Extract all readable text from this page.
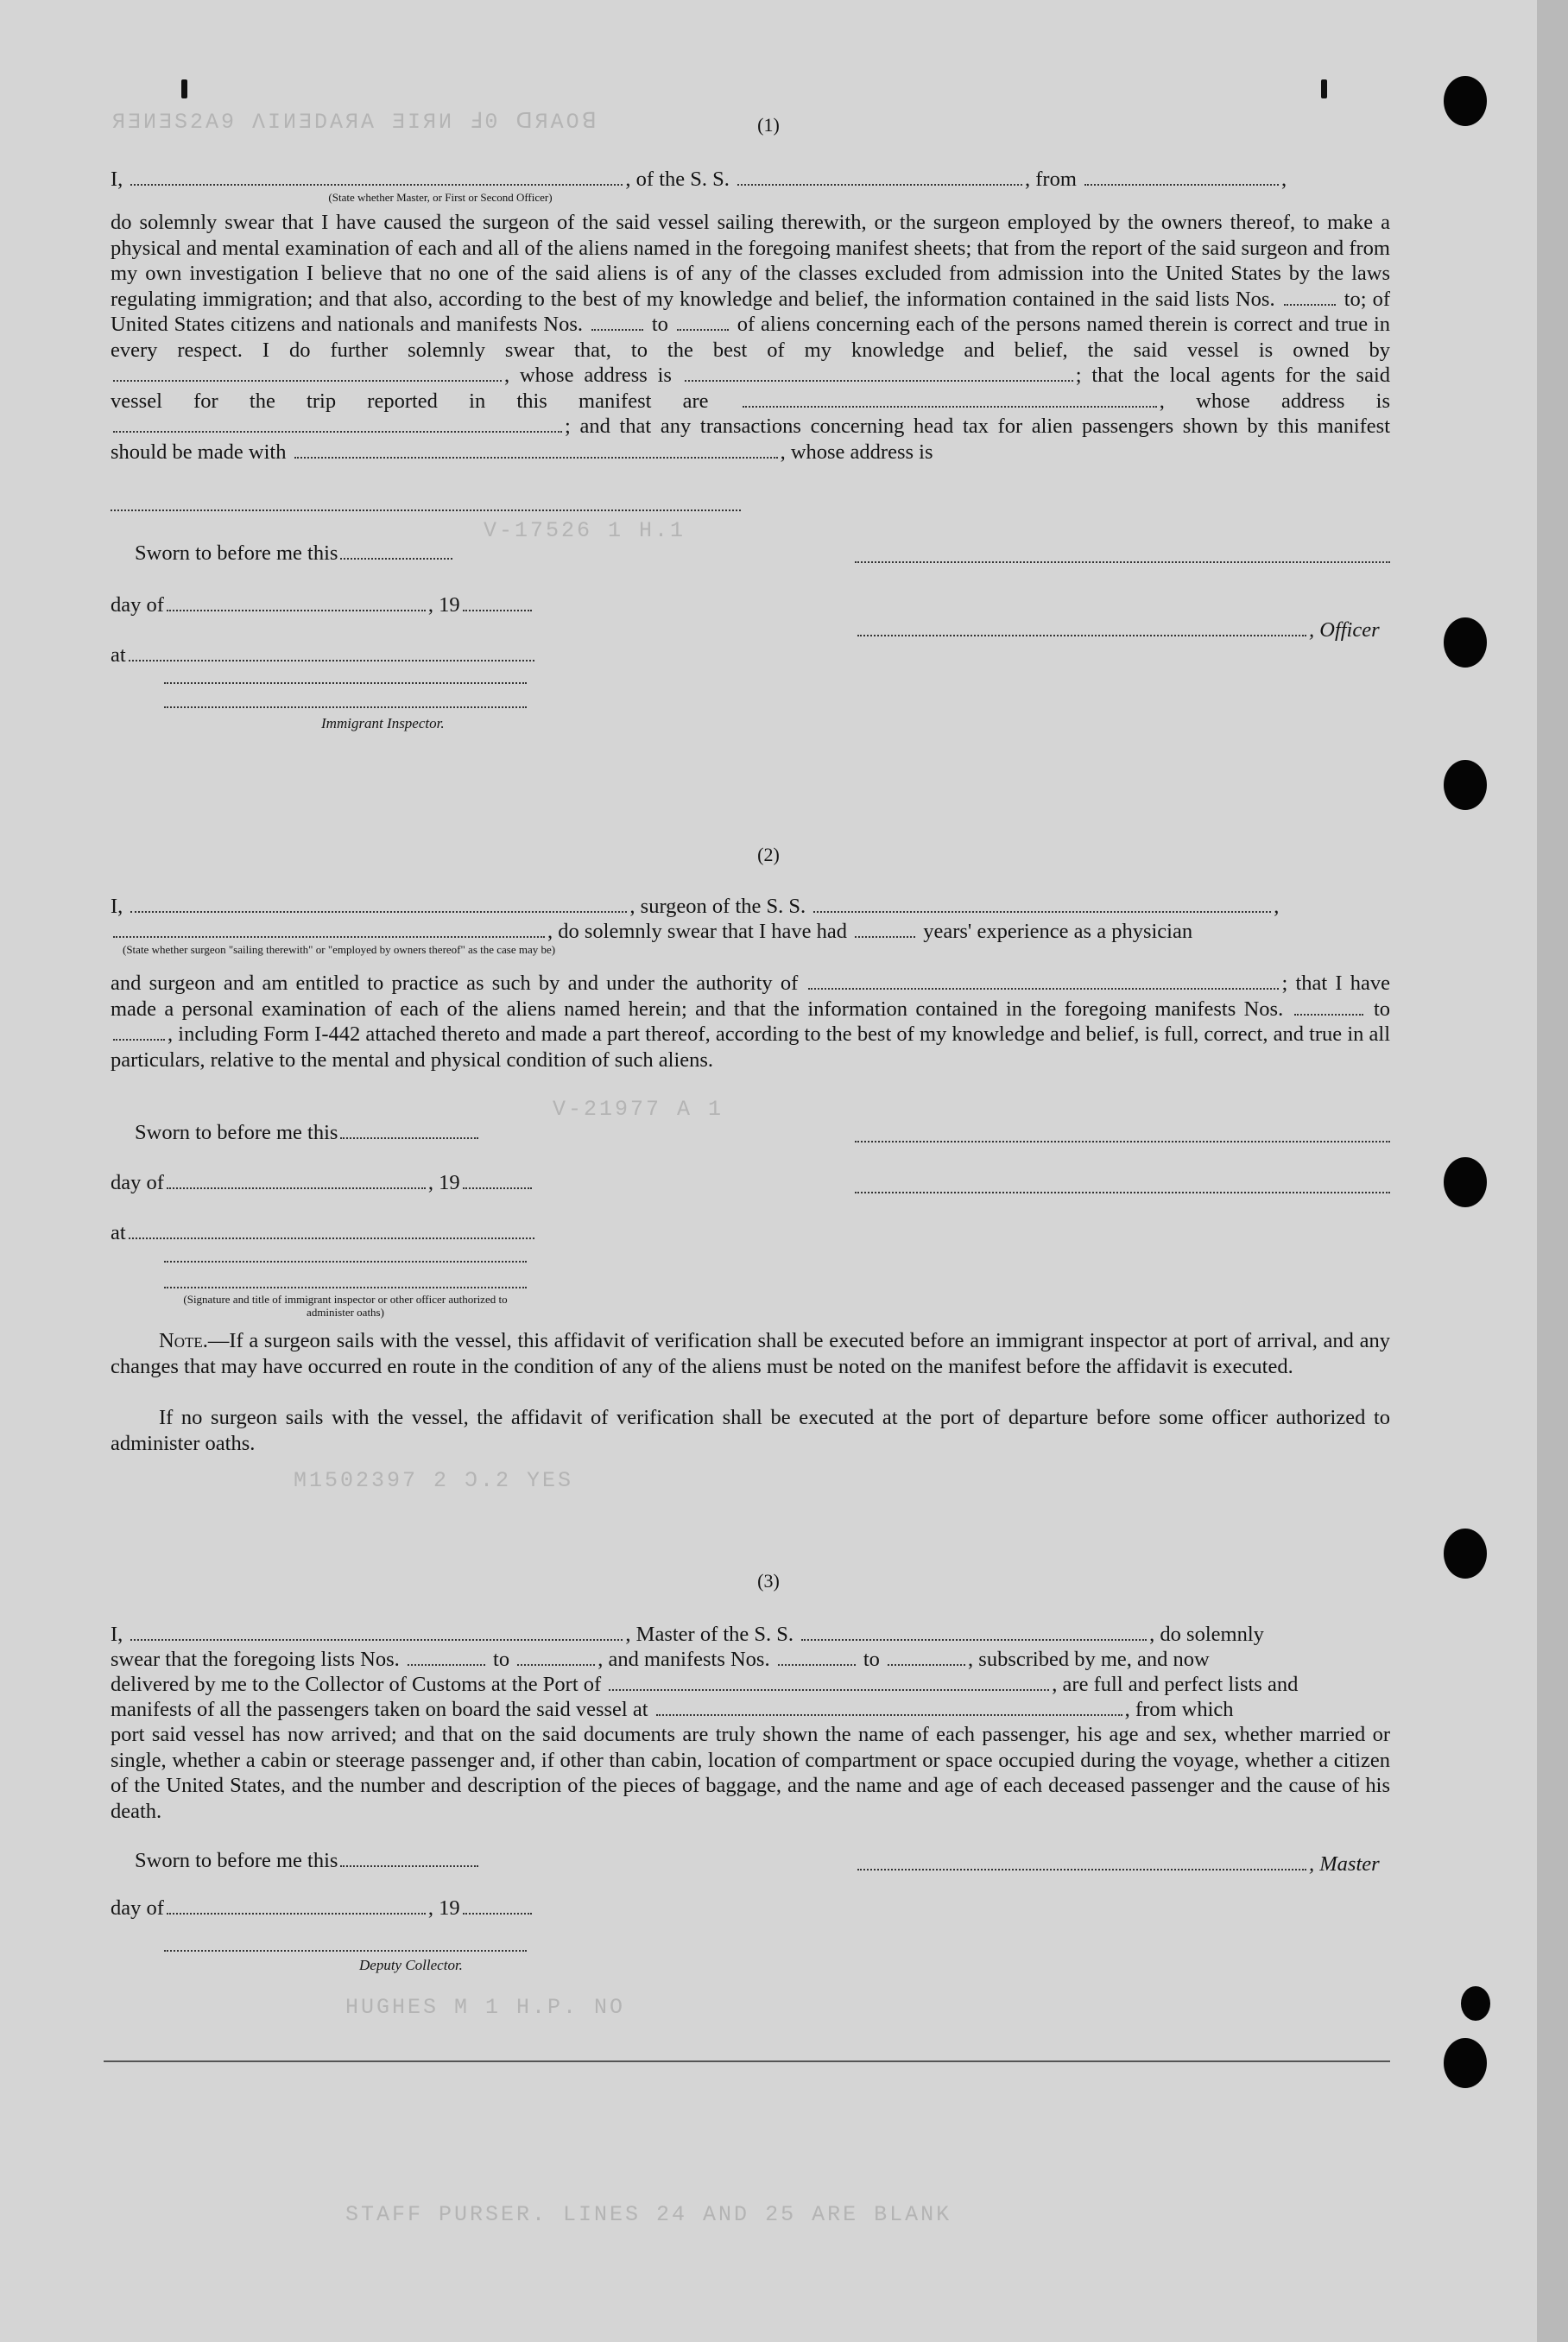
ЯƎИƎS2A9 ɅIИƎDAЯA ƎIЯИ Ⅎ0 ꓷЯAOꓭ
V-17526 1 H.1
V-21977 A 1
M1502397 2 Ɔ.2 YES
HUGHES M 1 H.P. NO
STAFF PURSER. LINES 24 AND 25 ARE BLANK
(1)
I,	, of the S. S.	, from	,
(State whether Master, or First or Second Officer)
do solemnly swear that I have caused the surgeon of the said vessel sailing therewith, or the surgeon employed by the owners thereof, to make a physical and mental examination of each and all of the aliens named in the foregoing manifest sheets; that from the report of the said surgeon and from my own investigation I believe that no one of the said aliens is of any of the classes excluded from admission into the United States by the laws regulating immigration; and that also, according to the best of my knowledge and belief, the information contained in the said lists Nos.	to; of United States citizens and nationals and manifests Nos.	to	of aliens concerning each of the persons named therein is correct and true in every respect. I do further solemnly swear that, to the best of my knowledge and belief, the said vessel is owned by , whose address is	; that the local agents for the said vessel for the trip reported in this manifest are	, whose address is ; and that any transactions concerning head tax for alien passengers shown by this manifest should be made with	, whose address is
Sworn to before me this
day of	, 19
, Officer
at
Immigrant Inspector.
(2)
I,	, surgeon of the S. S.	,
, do solemnly swear that I have had	years' experience as a physician
(State whether surgeon "sailing therewith" or "employed by owners thereof" as the case may be)
and surgeon and am entitled to practice as such by and under the authority of	; that I have made a personal examination of each of the aliens named herein; and that the information contained in the foregoing manifests Nos.	to , including Form I-442 attached thereto and made a part thereof, according to the best of my knowledge and belief, is full, correct, and true in all particulars, relative to the mental and physical condition of such aliens.
Sworn to before me this
day of	, 19
at
(Signature and title of immigrant inspector or other officer authorized to administer oaths)
Note.—If a surgeon sails with the vessel, this affidavit of verification shall be executed before an immigrant inspector at port of arrival, and any changes that may have occurred en route in the condition of any of the aliens must be noted on the manifest before the affidavit is executed.
If no surgeon sails with the vessel, the affidavit of verification shall be executed at the port of departure before some officer authorized to administer oaths.
(3)
I,	, Master of the S. S.	, do solemnly
swear that the foregoing lists Nos.	to	, and manifests Nos.	to	, subscribed by me, and now
delivered by me to the Collector of Customs at the Port of	, are full and perfect lists and
manifests of all the passengers taken on board the said vessel at	, from which
port said vessel has now arrived; and that on the said documents are truly shown the name of each passenger, his age and sex, whether married or single, whether a cabin or steerage passenger and, if other than cabin, location of compartment or space occupied during the voyage, whether a citizen of the United States, and the number and description of the pieces of baggage, and the name and age of each deceased passenger and the cause of his death.
Sworn to before me this	, Master
day of	, 19
Deputy Collector.
